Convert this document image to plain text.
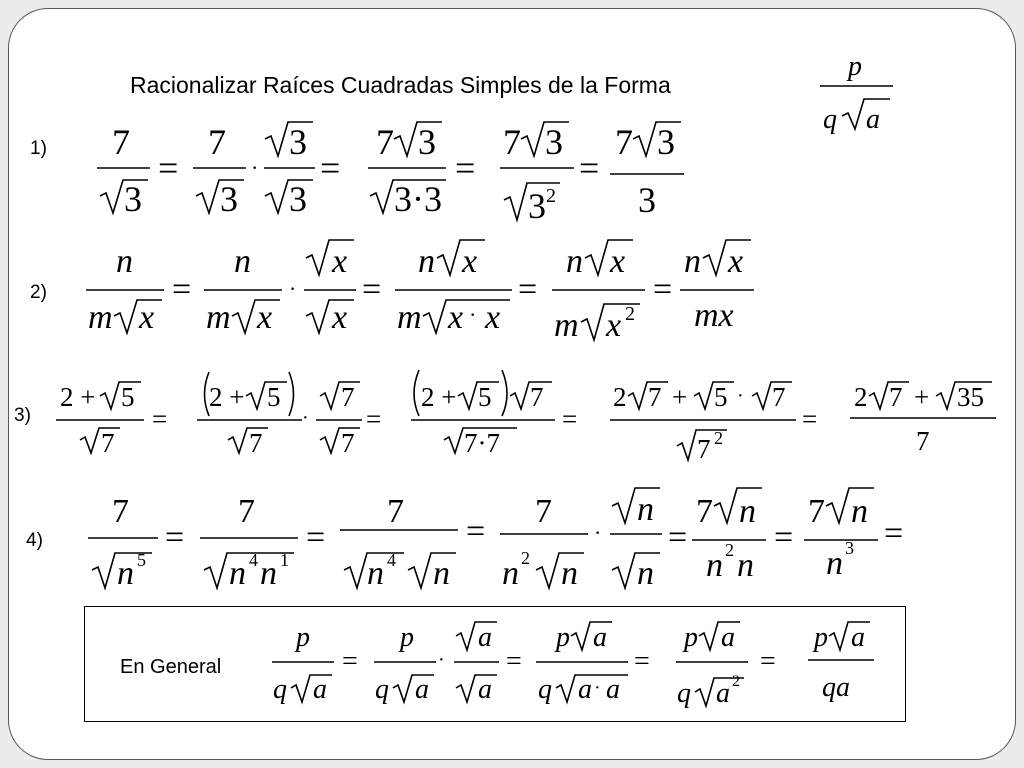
Racionalizar Raíces Cuadradas Simples de la Forma
1)
2)
3)
4)
En General
p
q a
7
3
=
7
3
·
3
3
=
7 3
3·3
=
7 3
3 2
=
7 3
3
n
m x
=
n
m x
·
x
x
=
n x
m x · x
=
n x
m x 2
=
n x
mx
2 + 5
7
=
2 + 5
7
·
7
7
=
2 + 5 7
7·7
=
2 7 + 5 · 7
7 2
=
2 7 + 35
7
7
n 5
=
7
n 4 n 1
=
7
n 4 n
=
7
n 2 n
·
n
n
=
7 n
n 2 n
=
7 n
n 3 =
p
q a
=
p
q a
·
a
a
=
p a
q a · a
=
p a
q a 2
=
p a
qa
